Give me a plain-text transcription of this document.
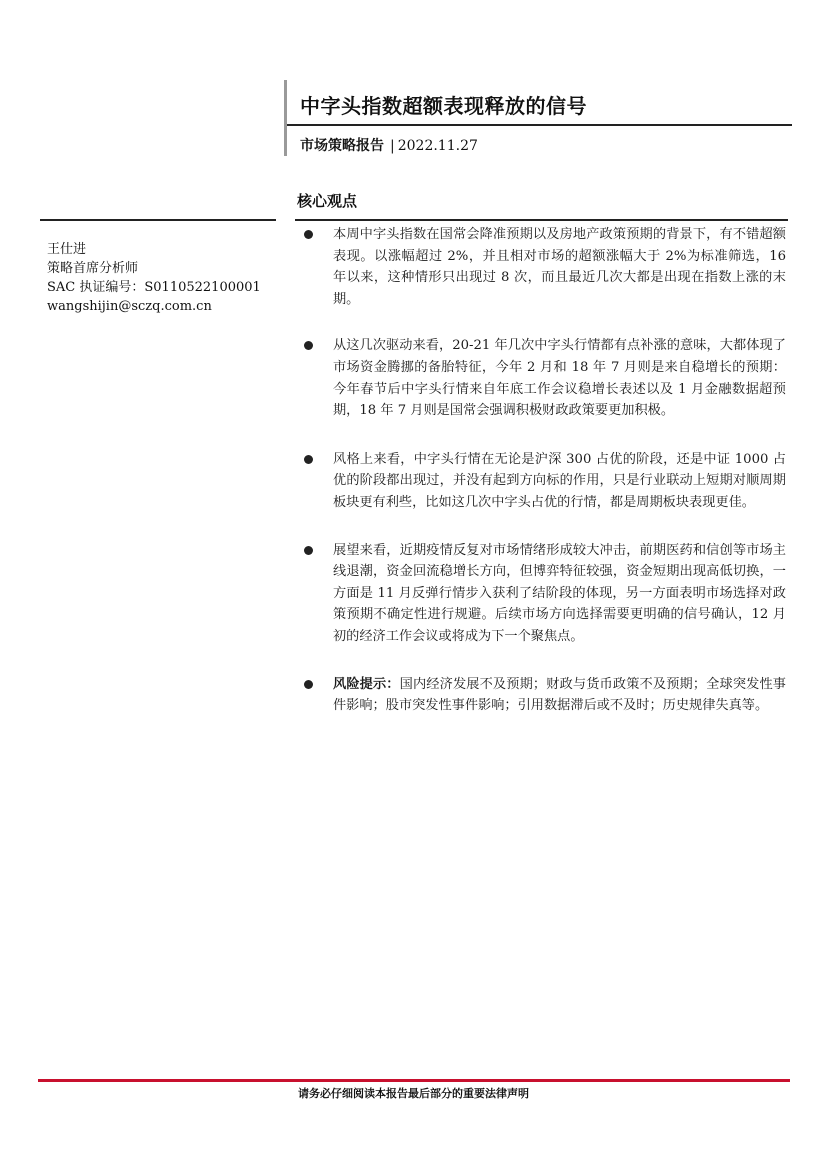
中字头指数超额表现释放的信号
市场策略报告 | 2022.11.27
核心观点
王仕进
策略首席分析师
SAC 执证编号：S0110522100001
wangshijin@sczq.com.cn
本周中字头指数在国常会降准预期以及房地产政策预期的背景下，有不错超额表现。以涨幅超过 2%，并且相对市场的超额涨幅大于 2%为标准筛选，16 年以来，这种情形只出现过 8 次，而且最近几次大都是出现在指数上涨的末期。
从这几次驱动来看，20-21 年几次中字头行情都有点补涨的意味，大都体现了市场资金腾挪的备胎特征，今年 2 月和 18 年 7 月则是来自稳增长的预期：今年春节后中字头行情来自年底工作会议稳增长表述以及 1 月金融数据超预期，18 年 7 月则是国常会强调积极财政政策要更加积极。
风格上来看，中字头行情在无论是沪深 300 占优的阶段，还是中证 1000 占优的阶段都出现过，并没有起到方向标的作用，只是行业联动上短期对顺周期板块更有利些，比如这几次中字头占优的行情，都是周期板块表现更佳。
展望来看，近期疫情反复对市场情绪形成较大冲击，前期医药和信创等市场主线退潮，资金回流稳增长方向，但博弈特征较强，资金短期出现高低切换，一方面是 11 月反弹行情步入获利了结阶段的体现，另一方面表明市场选择对政策预期不确定性进行规避。后续市场方向选择需要更明确的信号确认，12 月初的经济工作会议或将成为下一个聚焦点。
风险提示：国内经济发展不及预期；财政与货币政策不及预期；全球突发性事件影响；股市突发性事件影响；引用数据滞后或不及时；历史规律失真等。
请务必仔细阅读本报告最后部分的重要法律声明
